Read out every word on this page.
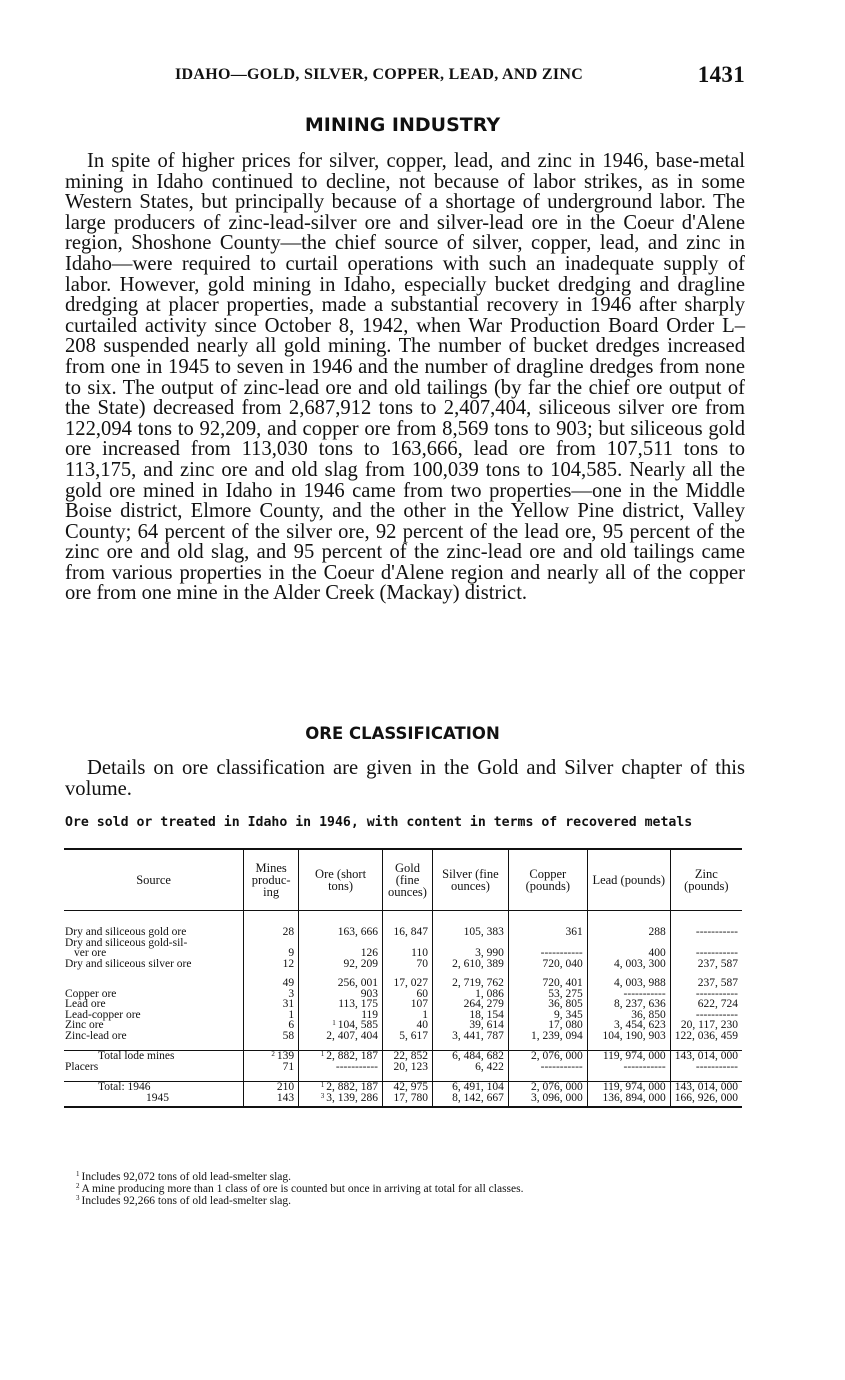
IDAHO—GOLD, SILVER, COPPER, LEAD, AND ZINC	1431
MINING INDUSTRY

In spite of higher prices for silver, copper, lead, and zinc in 1946, base-metal mining in Idaho continued to decline, not because of labor strikes, as in some Western States, but principally because of a shortage of underground labor. The large producers of zinc-lead-silver ore and silver-lead ore in the Coeur d'Alene region, Shoshone County—the chief source of silver, copper, lead, and zinc in Idaho—were required to curtail operations with such an inadequate supply of labor. However, gold mining in Idaho, especially bucket dredging and dragline dredging at placer properties, made a substantial recovery in 1946 after sharply curtailed activity since October 8, 1942, when War Production Board Order L–208 suspended nearly all gold mining. The number of bucket dredges increased from one in 1945 to seven in 1946 and the number of dragline dredges from none to six. The output of zinc-lead ore and old tailings (by far the chief ore output of the State) decreased from 2,687,912 tons to 2,407,404, siliceous silver ore from 122,094 tons to 92,209, and copper ore from 8,569 tons to 903; but siliceous gold ore increased from 113,030 tons to 163,666, lead ore from 107,511 tons to 113,175, and zinc ore and old slag from 100,039 tons to 104,585. Nearly all the gold ore mined in Idaho in 1946 came from two properties—one in the Middle Boise district, Elmore County, and the other in the Yellow Pine district, Valley County; 64 percent of the silver ore, 92 percent of the lead ore, 95 percent of the zinc ore and old slag, and 95 percent of the zinc-lead ore and old tailings came from various properties in the Coeur d'Alene region and nearly all of the copper ore from one mine in the Alder Creek (Mackay) district.

ORE CLASSIFICATION

Details on ore classification are given in the Gold and Silver chapter of this volume.

Ore sold or treated in Idaho in 1946, with content in terms of recovered metals
Source	Mines produc- ing	Ore (short tons)	Gold (fine ounces)	Silver (fine ounces)	Copper (pounds)	Lead (pounds)	Zinc (pounds)

Dry and siliceous gold ore	28	163, 666	16, 847	105, 383	361	288	-----------
Dry and siliceous gold-sil-							
ver ore	9	126	110	3, 990	-----------	400	-----------
Dry and siliceous silver ore	12	92, 209	70	2, 610, 389	720, 040	4, 003, 300	237, 587

	49	256, 001	17, 027	2, 719, 762	720, 401	4, 003, 988	237, 587
Copper ore	3	903	60	1, 086	53, 275	-----------	-----------
Lead ore	31	113, 175	107	264, 279	36, 805	8, 237, 636	622, 724
Lead-copper ore	1	119	1	18, 154	9, 345	36, 850	-----------
Zinc ore	6	$^1$ 104, 585	40	39, 614	17, 080	3, 454, 623	20, 117, 230
Zinc-lead ore	58	2, 407, 404	5, 617	3, 441, 787	1, 239, 094	104, 190, 903	122, 036, 459

Total lode mines	$^2$ 139	$^1$ 2, 882, 187	22, 852	6, 484, 682	2, 076, 000	119, 974, 000	143, 014, 000
Placers	71	-----------	20, 123	6, 422	-----------	-----------	-----------

Total: 1946	210	$^1$ 2, 882, 187	42, 975	6, 491, 104	2, 076, 000	119, 974, 000	143, 014, 000
1945	143	$^3$ 3, 139, 286	17, 780	8, 142, 667	3, 096, 000	136, 894, 000	166, 926, 000

$^1$ Includes 92,072 tons of old lead-smelter slag.
$^2$ A mine producing more than 1 class of ore is counted but once in arriving at total for all classes.
$^3$ Includes 92,266 tons of old lead-smelter slag.
